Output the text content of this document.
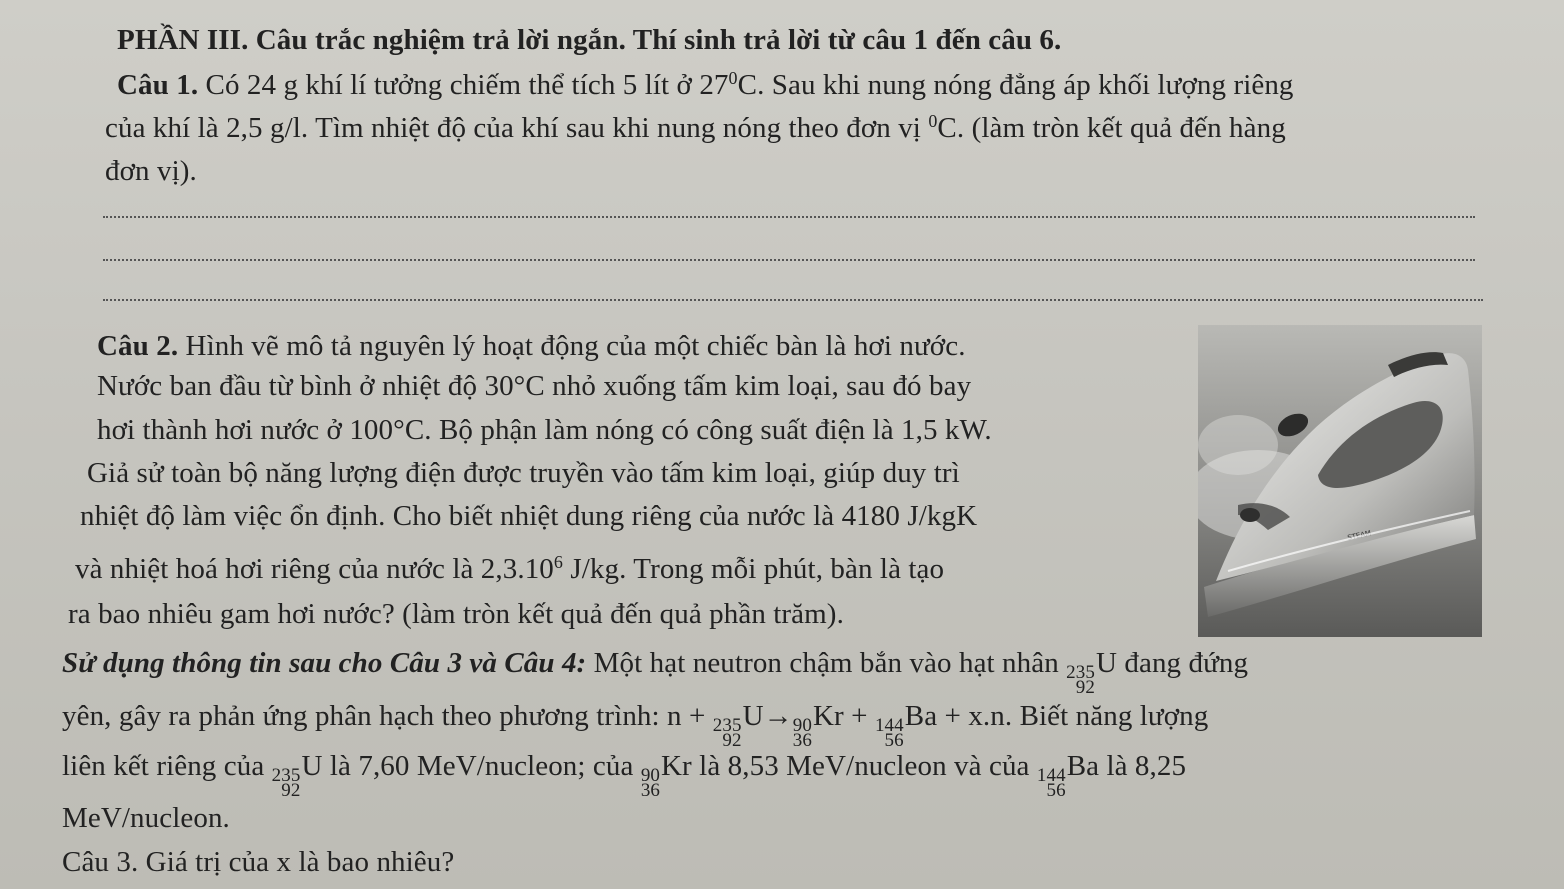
PHẦN III. Câu trắc nghiệm trả lời ngắn. Thí sinh trả lời từ câu 1 đến câu 6.
Câu 1. Có 24 g khí lí tưởng chiếm thể tích 5 lít ở $27^0C$. Sau khi nung nóng đẳng áp khối lượng riêng
của khí là 2,5 g/l. Tìm nhiệt độ của khí sau khi nung nóng theo đơn vị $^0$C. (làm tròn kết quả đến hàng
đơn vị).
Câu 2. Hình vẽ mô tả nguyên lý hoạt động của một chiếc bàn là hơi nước.
Nước ban đầu từ bình ở nhiệt độ 30°C nhỏ xuống tấm kim loại, sau đó bay
hơi thành hơi nước ở 100°C. Bộ phận làm nóng có công suất điện là 1,5 kW.
Giả sử toàn bộ năng lượng điện được truyền vào tấm kim loại, giúp duy trì
nhiệt độ làm việc ổn định. Cho biết nhiệt dung riêng của nước là 4180 J/kgK
và nhiệt hoá hơi riêng của nước là 2,3.10$^6$ J/kg. Trong mỗi phút, bàn là tạo
ra bao nhiêu gam hơi nước? (làm tròn kết quả đến quả phần trăm).
STEAM
Sử dụng thông tin sau cho Câu 3 và Câu 4: Một hạt neutron chậm bắn vào hạt nhân 235
92
U đang đứng
yên, gây ra phản ứng phân hạch theo phương trình: n + 235
92
U→ 90
36
Kr + 144
56
Ba + x.n. Biết năng lượng
liên kết riêng của 235
92
U là 7,60 MeV/nucleon; của 90
36
Kr là 8,53 MeV/nucleon và của 144
56
Ba là 8,25
MeV/nucleon.
Câu 3. Giá trị của x là bao nhiêu?
